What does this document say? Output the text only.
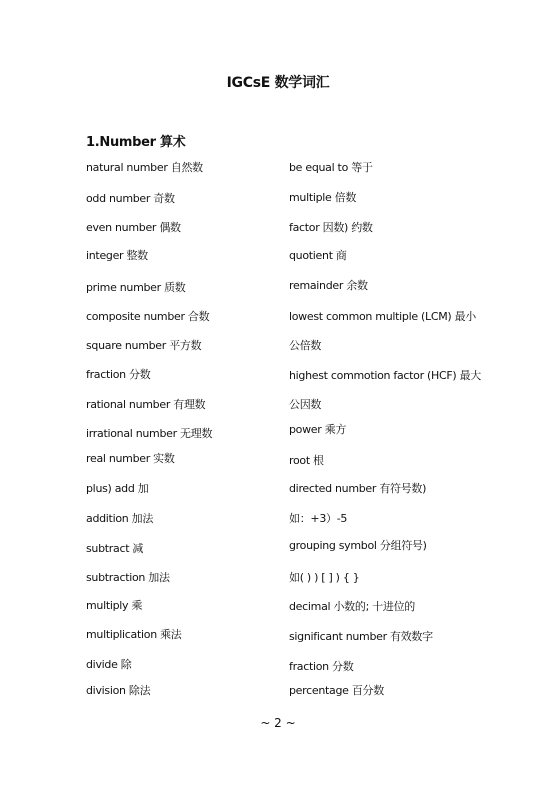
IGCsE 数学词汇
1.Number 算术
natural number 自然数
odd number 奇数
even number 偶数
integer 整数
prime number 质数
composite number 合数
square number 平方数
fraction 分数
rational number 有理数
irrational number 无理数
real number 实数
plus) add 加
addition 加法
subtract 减
subtraction 加法
multiply 乘
multiplication 乘法
divide 除
division 除法
be equal to 等于
multiple 倍数
factor 因数) 约数
quotient 商
remainder 余数
lowest common multiple (LCM) 最小
公倍数
highest commotion factor (HCF) 最大
公因数
power 乘方
root 根
directed number 有符号数)
如：+3）-5
grouping symbol 分组符号)
如( ) ) [ ] ) { }
decimal 小数的; 十进位的
significant number 有效数字
fraction 分数
percentage 百分数
~ 2 ~
